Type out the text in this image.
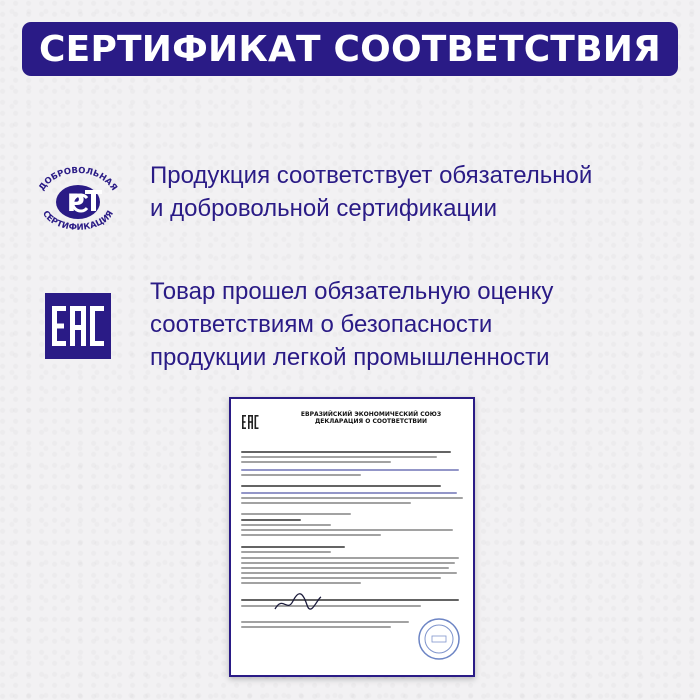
СЕРТИФИКАТ СООТВЕТСТВИЯ
ДОБРОВОЛЬНАЯ
СЕРТИФИКАЦИЯ
Р
Продукция соответствует обязательной
и добровольной сертификации
Товар прошел обязательную оценку
соответствиям о безопасности
продукции легкой промышленности
ЕВРАЗИЙСКИЙ ЭКОНОМИЧЕСКИЙ СОЮЗ
ДЕКЛАРАЦИЯ О СООТВЕТСТВИИ
